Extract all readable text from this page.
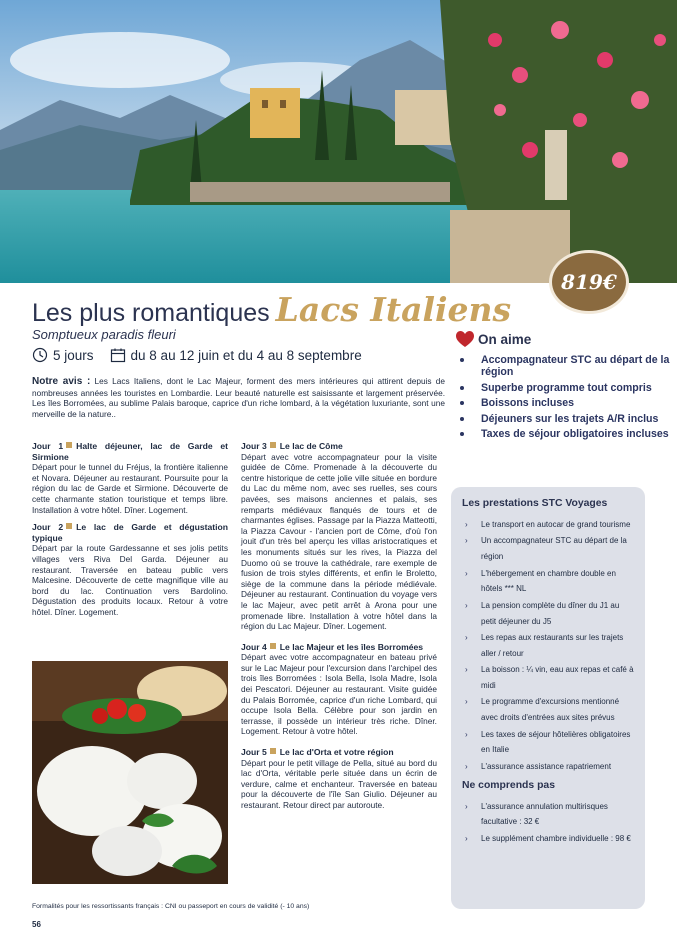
819€
Les plus romantiques Lacs Italiens
Somptueux paradis fleuri
5 jours	du 8 au 12 juin et du 4 au 8 septembre
Notre avis : Les Lacs Italiens, dont le Lac Majeur, forment des mers intérieures qui attirent depuis de nombreuses années les touristes en Lombardie. Leur beauté naturelle est saisissante et largement préservée. Les îles Borromées, au sublime Palais baroque, caprice d'un riche lombard, à la végétation luxuriante, sont une merveille de la nature..
On aime
Accompagnateur STC au départ de la région
Superbe programme tout compris
Boissons incluses
Déjeuners sur les trajets A/R inclus
Taxes de séjour obligatoires incluses
Jour 1 Halte déjeuner, lac de Garde et Sirmione
Départ pour le tunnel du Fréjus, la frontière italienne et Novara. Déjeuner au restaurant. Poursuite pour la région du lac de Garde et Sirmione. Découverte de cette charmante station touristique et temps libre. Installation à votre hôtel. Dîner. Logement.
Jour 2 Le lac de Garde et dégustation typique
Départ par la route Gardessanne et ses jolis petits villages vers Riva Del Garda. Déjeuner au restaurant. Traversée en bateau public vers Malcesine. Découverte de cette magnifique ville au bord du lac. Continuation vers Bardolino. Dégustation des produits locaux. Retour à votre hôtel. Dîner. Logement.
Jour 3 Le lac de Côme
Départ avec votre accompagnateur pour la visite guidée de Côme. Promenade à la découverte du centre historique de cette jolie ville située en bordure du Lac du même nom, avec ses ruelles, ses cours pavées, ses maisons anciennes et palais, ses remparts médiévaux flanqués de tours et de charmantes églises. Passage par la Piazza Matteotti, la Piazza Cavour - l'ancien port de Côme, d'où l'on jouit d'un très bel aperçu les villas aristocratiques et les monuments situés sur les rives, la Piazza del Duomo où se trouve la cathédrale, rare exemple de fusion de trois styles différents, et enfin le Broletto, siège de la commune dans la période médiévale. Déjeuner au restaurant. Continuation du voyage vers le lac Majeur, avec petit arrêt à Arona pour une promenade libre. Installation à votre hôtel dans la région du Lac Majeur. Dîner. Logement.
Jour 4 Le lac Majeur et les îles Borromées
Départ avec votre accompagnateur en bateau privé sur le Lac Majeur pour l'excursion dans l'archipel des trois îles Borromées : Isola Bella, Isola Madre, Isola dei Pescatori. Déjeuner au restaurant. Visite guidée du Palais Borromée, caprice d'un riche Lombard, qui occupe Isola Bella. Célèbre pour son jardin en terrasse, il possède un intérieur très riche. Dîner. Logement. Retour à votre hôtel.
Jour 5 Le lac d'Orta et votre région
Départ pour le petit village de Pella, situé au bord du lac d'Orta, véritable perle située dans un écrin de verdure, calme et enchanteur. Traversée en bateau pour la découverte de l'île San Giulio. Déjeuner au restaurant. Retour direct par autoroute.
Les prestations STC Voyages
› Le transport en autocar de grand tourisme
› Un accompagnateur STC au départ de la région
› L'hébergement en chambre double en hôtels *** NL
› La pension complète du dîner du J1 au petit déjeuner du J5
› Les repas aux restaurants sur les trajets aller / retour
› La boisson : ¼ vin, eau aux repas et café à midi
› Le programme d'excursions mentionné avec droits d'entrées aux sites prévus
› Les taxes de séjour hôtelières obligatoires en Italie
› L'assurance assistance rapatriement
Ne comprends pas
› L'assurance annulation multirisques facultative : 32 €
› Le supplément chambre individuelle : 98 €
Formalités pour les ressortissants français : CNI ou passeport en cours de validité (- 10 ans)
56
